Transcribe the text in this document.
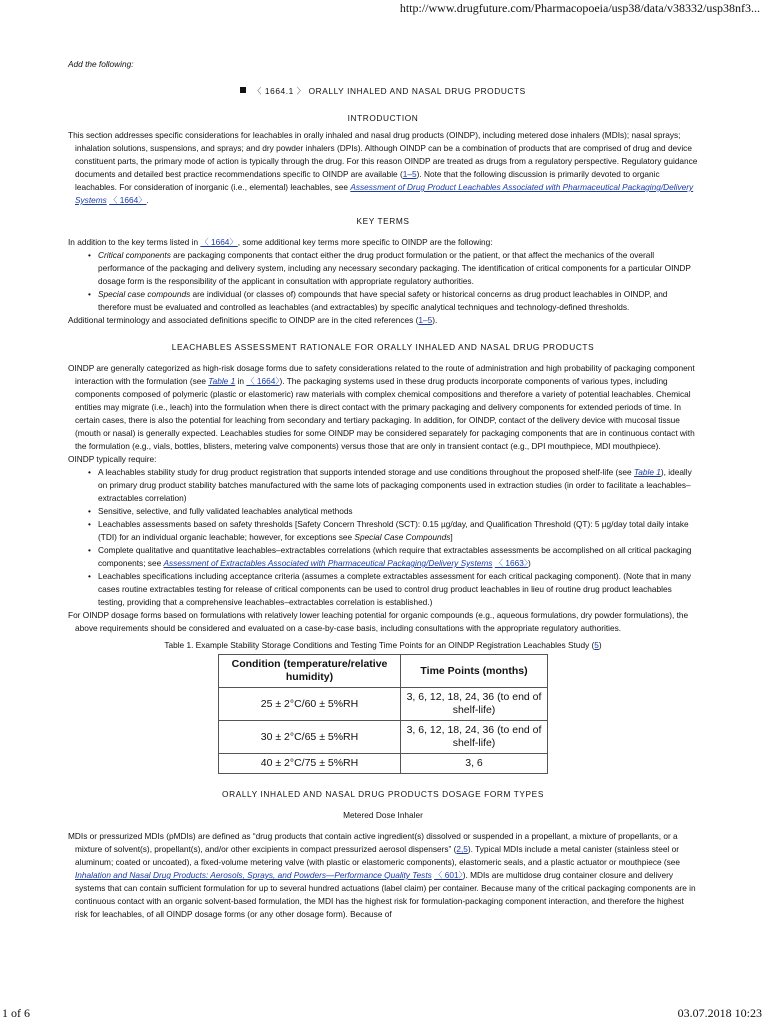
http://www.drugfuture.com/Pharmacopoeia/usp38/data/v38332/usp38nf3...

Add the following:

〈 1664.1 〉 ORALLY INHALED AND NASAL DRUG PRODUCTS

INTRODUCTION

This section addresses specific considerations for leachables in orally inhaled and nasal drug products (OINDP), including metered dose inhalers (MDIs); nasal sprays; inhalation solutions, suspensions, and sprays; and dry powder inhalers (DPIs). Although OINDP can be a combination of products that are comprised of drug and device constituent parts, the primary mode of action is typically through the drug. For this reason OINDP are treated as drugs from a regulatory perspective. Regulatory guidance documents and detailed best practice recommendations specific to OINDP are available (1–5). Note that the following discussion is primarily devoted to organic leachables. For consideration of inorganic (i.e., elemental) leachables, see Assessment of Drug Product Leachables Associated with Pharmaceutical Packaging/Delivery Systems 〈 1664〉.

KEY TERMS

In addition to the key terms listed in 〈 1664〉, some additional key terms more specific to OINDP are the following:

• Critical components are packaging components that contact either the drug product formulation or the patient, or that affect the mechanics of the overall performance of the packaging and delivery system, including any necessary secondary packaging. The identification of critical components for a particular OINDP dosage form is the responsibility of the applicant in consultation with appropriate regulatory authorities.
• Special case compounds are individual (or classes of) compounds that have special safety or historical concerns as drug product leachables in OINDP, and therefore must be evaluated and controlled as leachables (and extractables) by specific analytical techniques and technology-defined thresholds.

Additional terminology and associated definitions specific to OINDP are in the cited references (1–5).

LEACHABLES ASSESSMENT RATIONALE FOR ORALLY INHALED AND NASAL DRUG PRODUCTS

OINDP are generally categorized as high-risk dosage forms due to safety considerations related to the route of administration and high probability of packaging component interaction with the formulation (see Table 1 in 〈 1664〉). The packaging systems used in these drug products incorporate components of various types, including components composed of polymeric (plastic or elastomeric) raw materials with complex chemical compositions and therefore a variety of potential leachables. Chemical entities may migrate (i.e., leach) into the formulation when there is direct contact with the primary packaging and delivery components for extended periods of time. In certain cases, there is also the potential for leaching from secondary and tertiary packaging. In addition, for OINDP, contact of the delivery device with mucosal tissue (mouth or nasal) is generally expected. Leachables studies for some OINDP may be considered separately for packaging components that are in continuous contact with the formulation (e.g., vials, bottles, blisters, metering valve components) versus those that are only in transient contact (e.g., DPI mouthpiece, MDI mouthpiece).

OINDP typically require:

• A leachables stability study for drug product registration that supports intended storage and use conditions throughout the proposed shelf-life (see Table 1), ideally on primary drug product stability batches manufactured with the same lots of packaging components used in extraction studies (in order to facilitate a leachables–extractables correlation)
• Sensitive, selective, and fully validated leachables analytical methods
• Leachables assessments based on safety thresholds [Safety Concern Threshold (SCT): 0.15 µg/day, and Qualification Threshold (QT): 5 µg/day total daily intake (TDI) for an individual organic leachable; however, for exceptions see Special Case Compounds]
• Complete qualitative and quantitative leachables–extractables correlations (which require that extractables assessments be accomplished on all critical packaging components; see Assessment of Extractables Associated with Pharmaceutical Packaging/Delivery Systems 〈 1663〉)
• Leachables specifications including acceptance criteria (assumes a complete extractables assessment for each critical packaging component). (Note that in many cases routine extractables testing for release of critical components can be used to control drug product leachables in lieu of routine drug product leachables testing, providing that a comprehensive leachables–extractables correlation is established.)

For OINDP dosage forms based on formulations with relatively lower leaching potential for organic compounds (e.g., aqueous formulations, dry powder formulations), the above requirements should be considered and evaluated on a case-by-case basis, including consultations with the appropriate regulatory authorities.

Table 1. Example Stability Storage Conditions and Testing Time Points for an OINDP Registration Leachables Study (5)

Condition (temperature/relative humidity)	Time Points (months)
25 ± 2°C/60 ± 5%RH	3, 6, 12, 18, 24, 36 (to end of shelf-life)
30 ± 2°C/65 ± 5%RH	3, 6, 12, 18, 24, 36 (to end of shelf-life)
40 ± 2°C/75 ± 5%RH	3, 6

ORALLY INHALED AND NASAL DRUG PRODUCTS DOSAGE FORM TYPES

Metered Dose Inhaler

MDIs or pressurized MDIs (pMDIs) are defined as “drug products that contain active ingredient(s) dissolved or suspended in a propellant, a mixture of propellants, or a mixture of solvent(s), propellant(s), and/or other excipients in compact pressurized aerosol dispensers” (2,5). Typical MDIs include a metal canister (stainless steel or aluminum; coated or uncoated), a fixed-volume metering valve (with plastic or elastomeric components), elastomeric seals, and a plastic actuator or mouthpiece (see Inhalation and Nasal Drug Products: Aerosols, Sprays, and Powders—Performance Quality Tests 〈 601〉). MDIs are multidose drug container closure and delivery systems that can contain sufficient formulation for up to several hundred actuations (label claim) per container. Because many of the critical packaging components are in continuous contact with an organic solvent-based formulation, the MDI has the highest risk for formulation-packaging component interaction, and therefore the highest risk for leachables, of all OINDP dosage forms (or any other dosage form). Because of

1 of 6	03.07.2018 10:23
